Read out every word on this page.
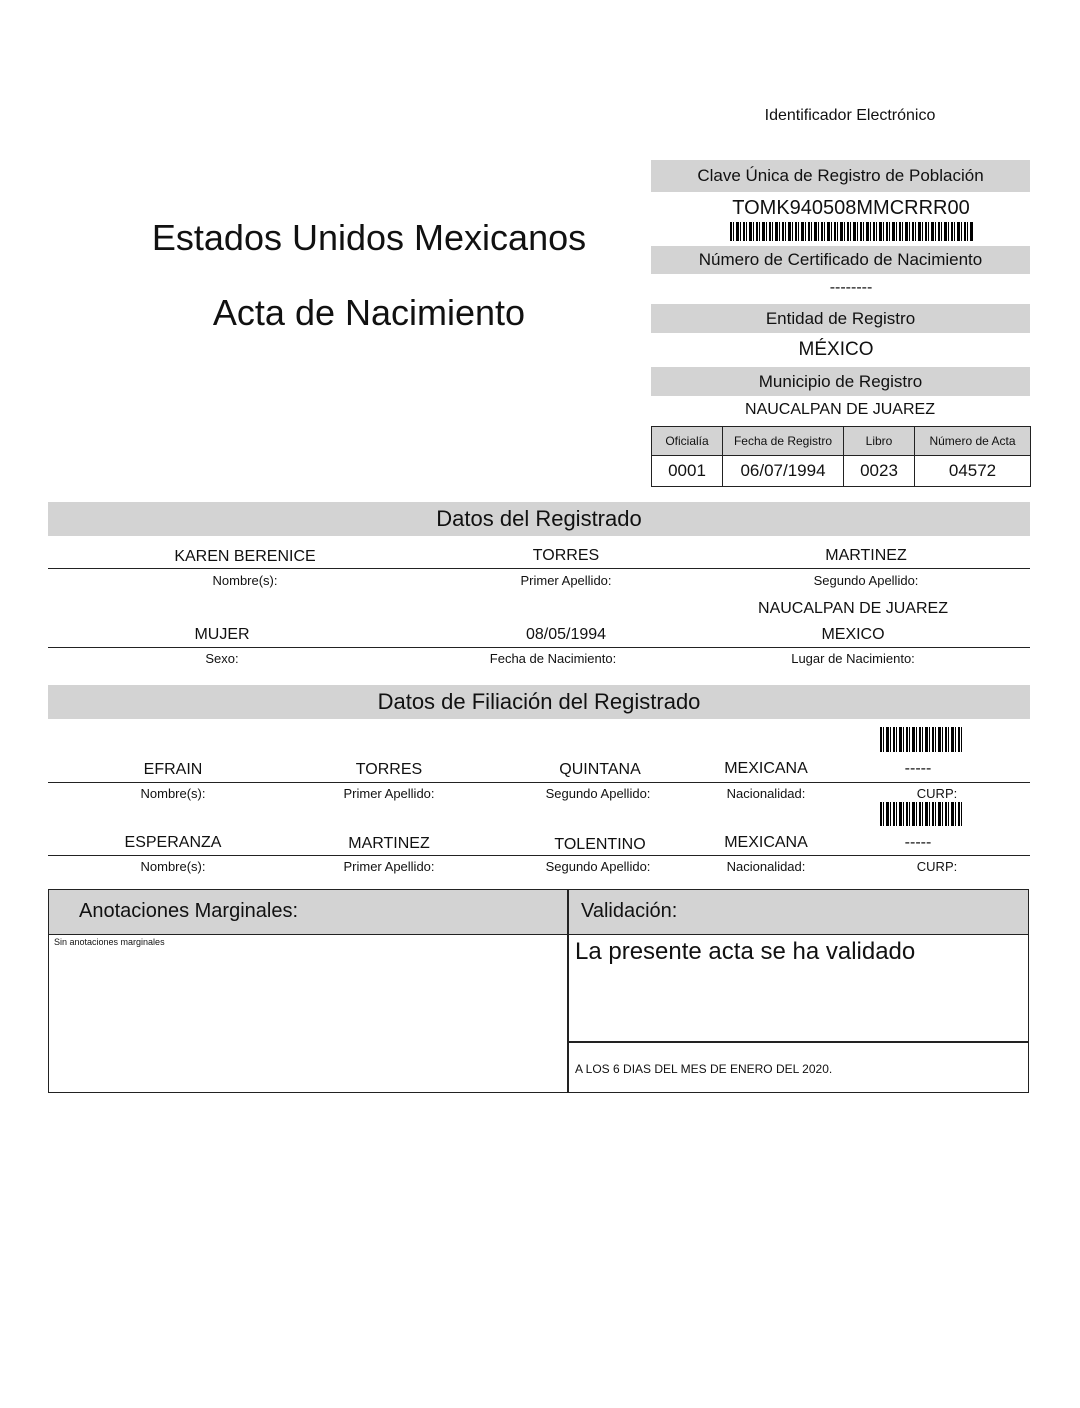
Identificador Electrónico
Estados Unidos Mexicanos
Acta de Nacimiento
Clave Única de Registro de Población
TOMK940508MMCRRR00
Número de Certificado de Nacimiento
--------
Entidad de Registro
MÉXICO
Municipio de Registro
NAUCALPAN DE JUAREZ
Oficialía	Fecha de Registro	Libro	Número de Acta
0001	06/07/1994	0023	04572
Datos del Registrado
KAREN BERENICE	TORRES	MARTINEZ
Nombre(s):	Primer Apellido:	Segundo Apellido:
NAUCALPAN DE JUAREZ
MUJER	08/05/1994	MEXICO
Sexo:	Fecha de Nacimiento:	Lugar de Nacimiento:
Datos de Filiación del Registrado
EFRAIN	TORRES	QUINTANA	MEXICANA	-----
Nombre(s):	Primer Apellido:	Segundo Apellido:	Nacionalidad:	CURP:
ESPERANZA	MARTINEZ	TOLENTINO	MEXICANA	-----
Nombre(s):	Primer Apellido:	Segundo Apellido:	Nacionalidad:	CURP:
Anotaciones Marginales:	Validación:
Sin anotaciones marginales	La presente acta se ha validado
A LOS 6 DIAS DEL MES DE ENERO DEL 2020.
